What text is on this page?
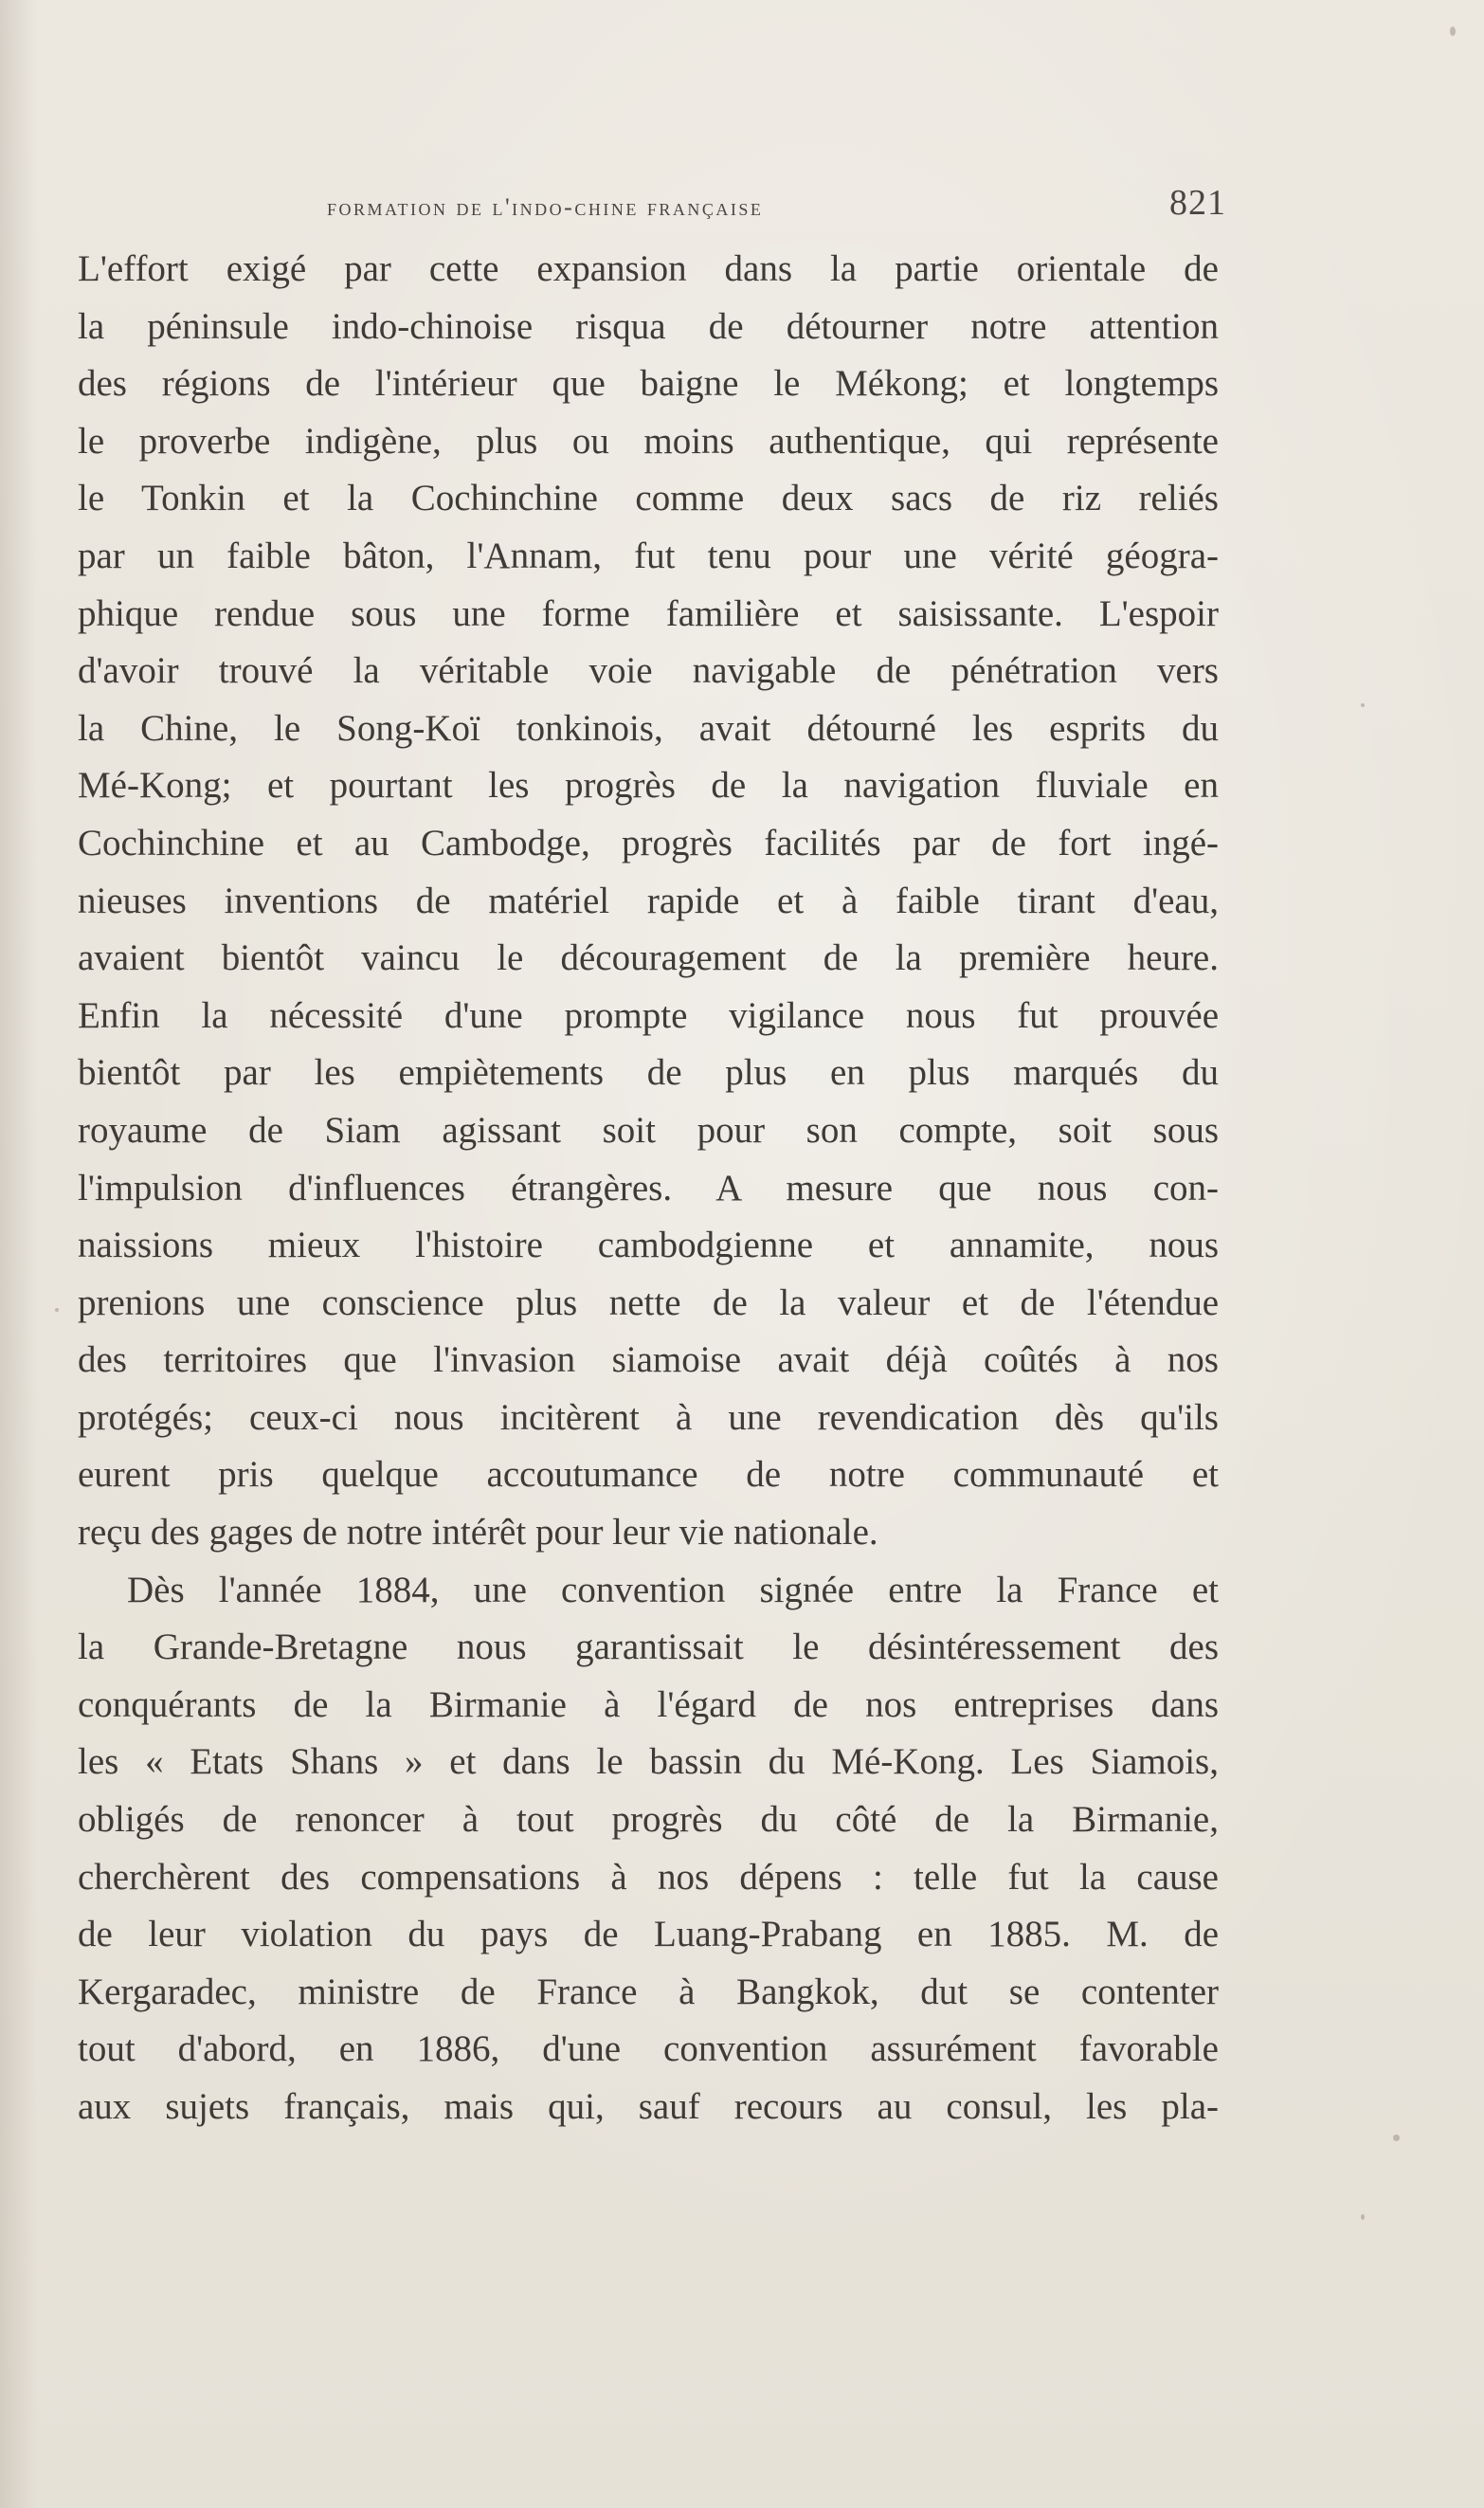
formation de l'indo-chine française	821
L'effort exigé par cette expansion dans la partie orientale de
la péninsule indo-chinoise risqua de détourner notre attention
des régions de l'intérieur que baigne le Mékong; et longtemps
le proverbe indigène, plus ou moins authentique, qui représente
le Tonkin et la Cochinchine comme deux sacs de riz reliés
par un faible bâton, l'Annam, fut tenu pour une vérité géogra-
phique rendue sous une forme familière et saisissante. L'espoir
d'avoir trouvé la véritable voie navigable de pénétration vers
la Chine, le Song-Koï tonkinois, avait détourné les esprits du
Mé-Kong; et pourtant les progrès de la navigation fluviale en
Cochinchine et au Cambodge, progrès facilités par de fort ingé-
nieuses inventions de matériel rapide et à faible tirant d'eau,
avaient bientôt vaincu le découragement de la première heure.
Enfin la nécessité d'une prompte vigilance nous fut prouvée
bientôt par les empiètements de plus en plus marqués du
royaume de Siam agissant soit pour son compte, soit sous
l'impulsion d'influences étrangères. A mesure que nous con-
naissions mieux l'histoire cambodgienne et annamite, nous
prenions une conscience plus nette de la valeur et de l'étendue
des territoires que l'invasion siamoise avait déjà coûtés à nos
protégés; ceux-ci nous incitèrent à une revendication dès qu'ils
eurent pris quelque accoutumance de notre communauté et
reçu des gages de notre intérêt pour leur vie nationale.
Dès l'année 1884, une convention signée entre la France et
la Grande-Bretagne nous garantissait le désintéressement des
conquérants de la Birmanie à l'égard de nos entreprises dans
les « Etats Shans » et dans le bassin du Mé-Kong. Les Siamois,
obligés de renoncer à tout progrès du côté de la Birmanie,
cherchèrent des compensations à nos dépens : telle fut la cause
de leur violation du pays de Luang-Prabang en 1885. M. de
Kergaradec, ministre de France à Bangkok, dut se contenter
tout d'abord, en 1886, d'une convention assurément favorable
aux sujets français, mais qui, sauf recours au consul, les pla-
